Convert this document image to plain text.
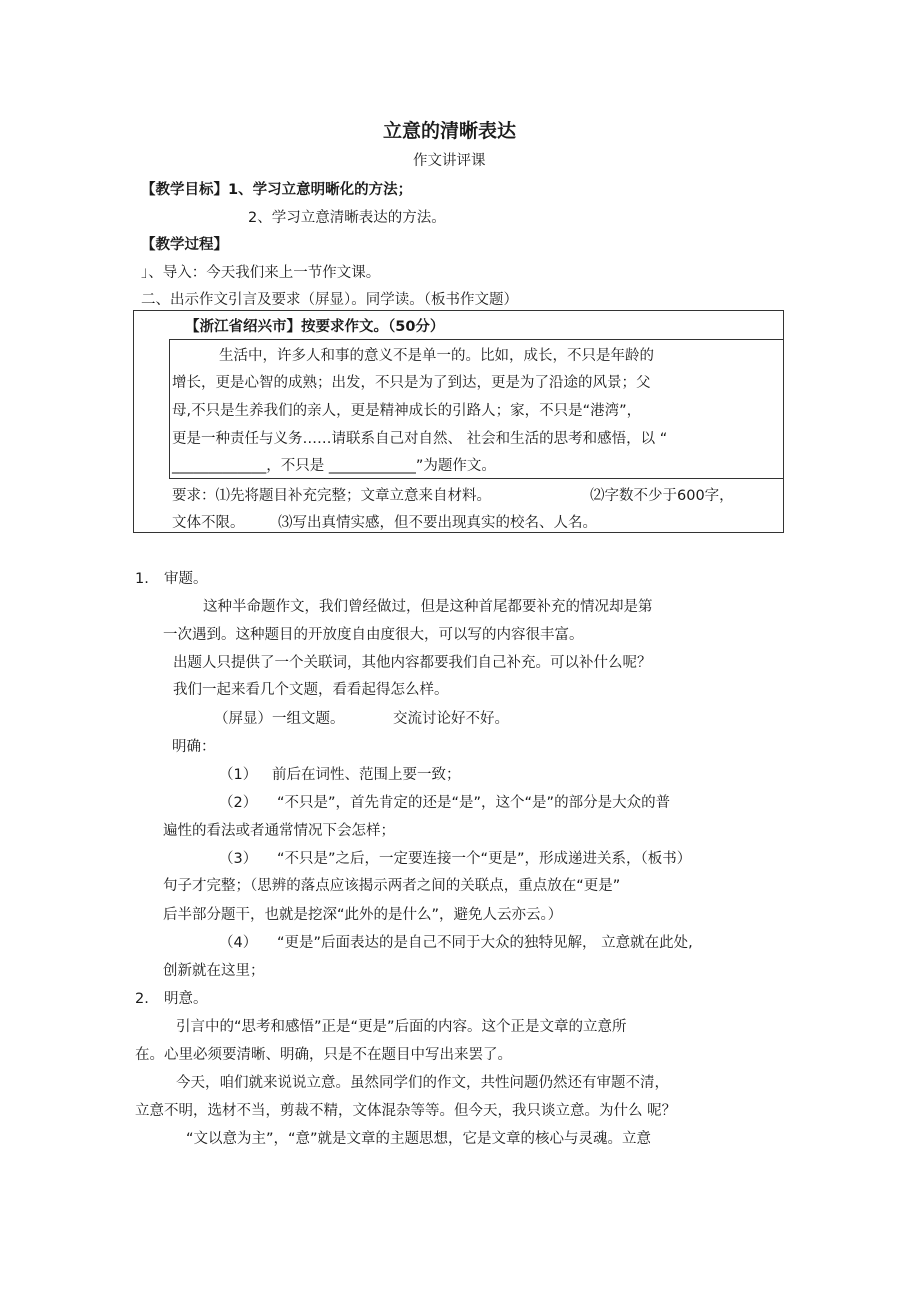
立意的清晰表达
作文讲评课
【教学目标】1、学习立意明晰化的方法；
2、学习立意清晰表达的方法。
【教学过程】
」、导入：今天我们来上一节作文课。
二、出示作文引言及要求（屏显）。同学读。（板书作文题）
【浙江省绍兴市】按要求作文。（50分）
生活中，许多人和事的意义不是单一的。比如，成长，不只是年龄的
增长，更是心智的成熟；出发，不只是为了到达，更是为了沿途的风景；父
母,不只是生养我们的亲人，更是精神成长的引路人；家，不只是“港湾”，
更是一种责任与义务……请联系自己对自然、 社会和生活的思考和感悟，以 “
_____________，不只是 ____________”为题作文。
要求：⑴先将题目补充完整；文章立意来自材料。	⑵字数不少于600字，
文体不限。 ⑶写出真情实感，但不要出现真实的校名、人名。
1. 审题。
这种半命题作文，我们曾经做过，但是这种首尾都要补充的情况却是第
一次遇到。这种题目的开放度自由度很大，可以写的内容很丰富。
出题人只提供了一个关联词，其他内容都要我们自己补充。可以补什么呢？
我们一起来看几个文题，看看起得怎么样。
（屏显）一组文题。	交流讨论好不好。
明确：
（1） 前后在词性、范围上要一致；
（2） “不只是”，首先肯定的还是“是”，这个“是”的部分是大众的普
遍性的看法或者通常情况下会怎样；
（3） “不只是”之后，一定要连接一个“更是”，形成递进关系，（板书）
句子才完整；（思辨的落点应该揭示两者之间的关联点，重点放在“更是”
后半部分题干，也就是挖深“此外的是什么”，避免人云亦云。）
（4） “更是”后面表达的是自己不同于大众的独特见解， 立意就在此处,
创新就在这里；
2. 明意。
引言中的“思考和感悟”正是“更是”后面的内容。这个正是文章的立意所
在。心里必须要清晰、明确，只是不在题目中写出来罢了。
今天，咱们就来说说立意。虽然同学们的作文，共性问题仍然还有审题不清，
立意不明，选材不当，剪裁不精，文体混杂等等。但今天，我只谈立意。为什么 呢？
“文以意为主”，“意”就是文章的主题思想，它是文章的核心与灵魂。立意
